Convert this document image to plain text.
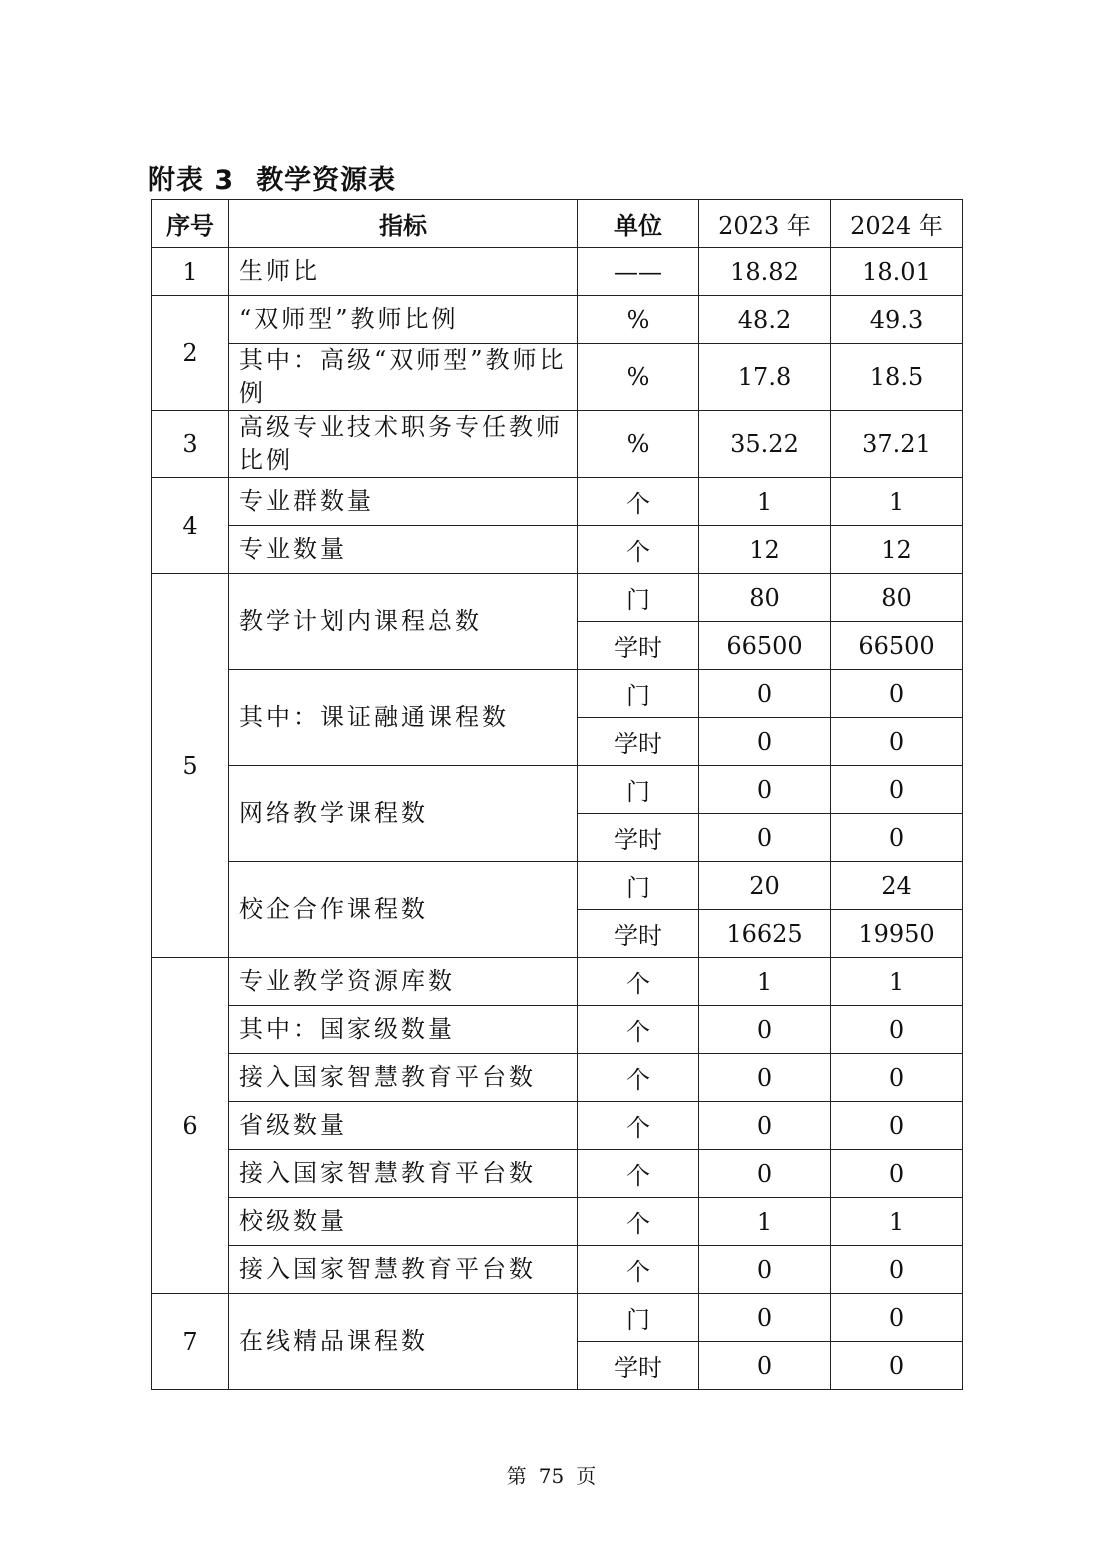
附表 3 教学资源表
序号	指标	单位	2023 年	2024 年
1	生师比	——	18.82	18.01
2	“双师型”教师比例	%	48.2	49.3
	其中：高级“双师型”教师比例	%	17.8	18.5
3	高级专业技术职务专任教师比例	%	35.22	37.21
4	专业群数量	个	1	1
	专业数量	个	12	12
5	教学计划内课程总数	门	80	80
		学时	66500	66500
	其中：课证融通课程数	门	0	0
		学时	0	0
	网络教学课程数	门	0	0
		学时	0	0
	校企合作课程数	门	20	24
		学时	16625	19950
6	专业教学资源库数	个	1	1
	其中：国家级数量	个	0	0
	接入国家智慧教育平台数	个	0	0
	省级数量	个	0	0
	接入国家智慧教育平台数	个	0	0
	校级数量	个	1	1
	接入国家智慧教育平台数	个	0	0
7	在线精品课程数	门	0	0
		学时	0	0
第 75 页
